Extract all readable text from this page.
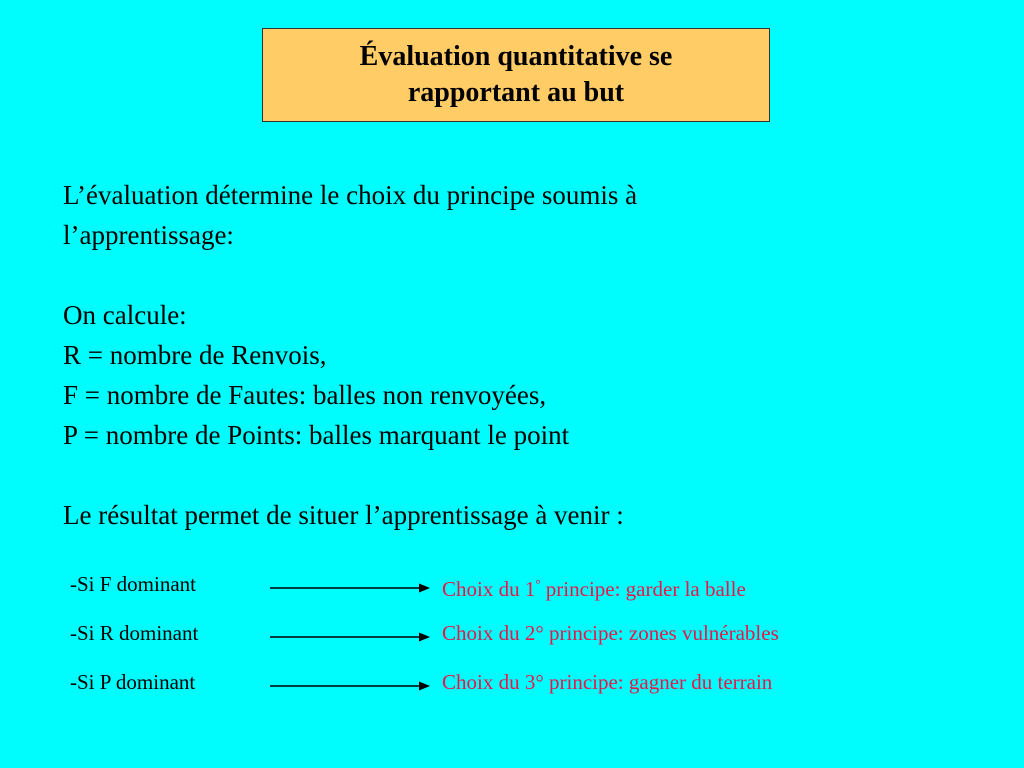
Évaluation quantitative se
rapportant au but
L’évaluation détermine le choix du principe soumis à
l’apprentissage:
On calcule:
R = nombre de Renvois,
F = nombre de Fautes: balles non renvoyées,
P = nombre de Points: balles marquant le point
Le résultat permet de situer l’apprentissage à venir :
-Si F dominant	Choix du 1° principe: garder la balle
-Si R dominant	Choix du 2° principe: zones vulnérables
-Si P dominant	Choix du 3° principe: gagner du terrain
